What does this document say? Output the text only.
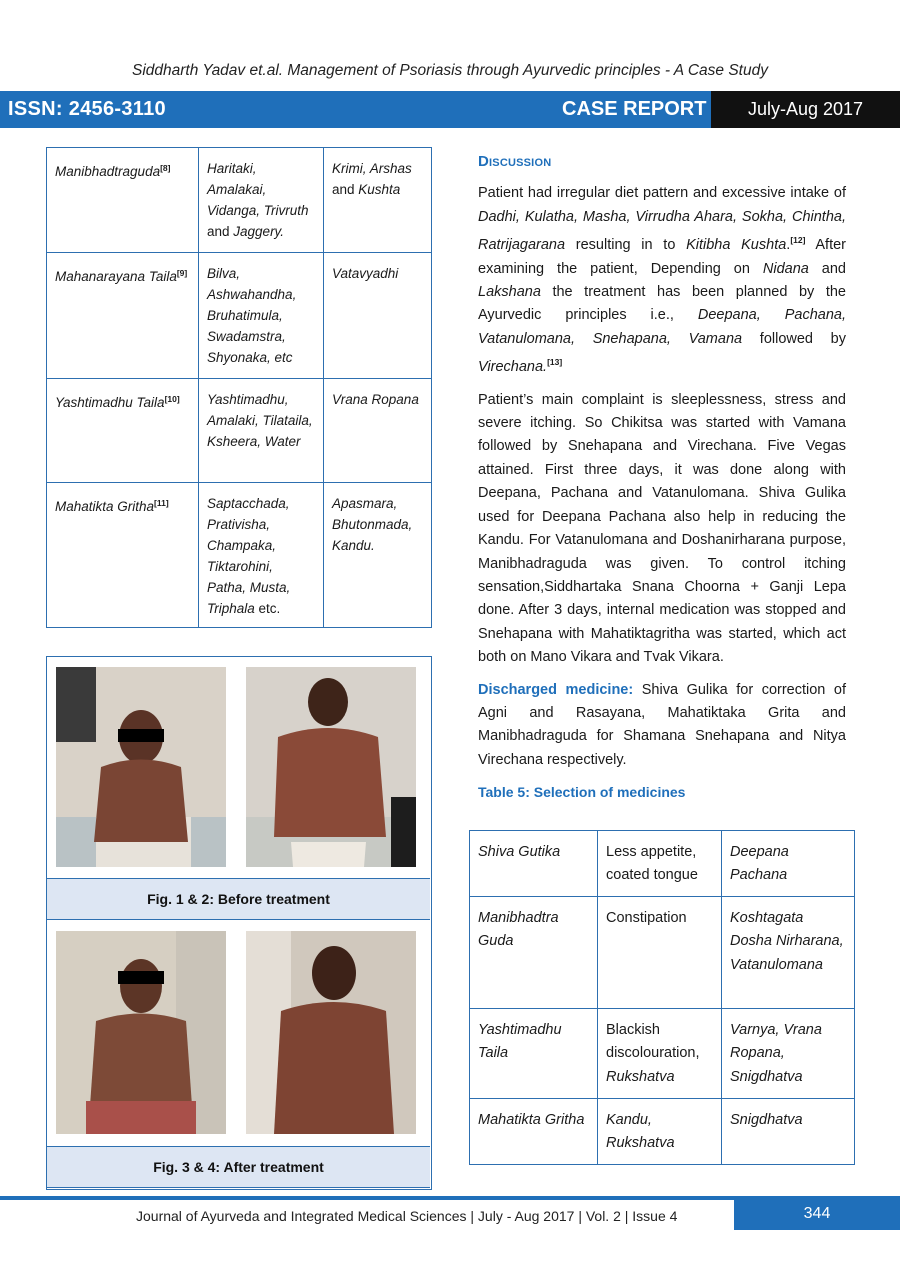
Siddharth Yadav et.al. Management of Psoriasis through Ayurvedic principles - A Case Study
ISSN: 2456-3110	CASE REPORT	July-Aug 2017
Manibhadtraguda[8]	Haritaki, Amalakai, Vidanga, Trivruth and Jaggery.	Krimi, Arshas and Kushta
Mahanarayana Taila[9]	Bilva, Ashwahandha, Bruhatimula, Swadamstra, Shyonaka, etc	Vatavyadhi
Yashtimadhu Taila[10]	Yashtimadhu, Amalaki, Tilataila, Ksheera, Water	Vrana Ropana
Mahatikta Gritha[11]	Saptacchada, Prativisha, Champaka, Tiktarohini, Patha, Musta, Triphala etc.	Apasmara, Bhutonmada, Kandu.
Fig. 1 & 2: Before treatment
Fig. 3 & 4: After treatment
Discussion

Patient had irregular diet pattern and excessive intake of Dadhi, Kulatha, Masha, Virrudha Ahara, Sokha, Chintha, Ratrijagarana resulting in to Kitibha Kushta.[12] After examining the patient, Depending on Nidana and Lakshana the treatment has been planned by the Ayurvedic principles i.e., Deepana, Pachana, Vatanulomana, Snehapana, Vamana followed by Virechana.[13]

Patient’s main complaint is sleeplessness, stress and severe itching. So Chikitsa was started with Vamana followed by Snehapana and Virechana. Five Vegas attained. First three days, it was done along with Deepana, Pachana and Vatanulomana. Shiva Gulika used for Deepana Pachana also help in reducing the Kandu. For Vatanulomana and Doshanirharana purpose, Manibhadraguda was given. To control itching sensation,Siddhartaka Snana Choorna + Ganji Lepa done. After 3 days, internal medication was stopped and Snehapana with Mahatiktagritha was started, which act both on Mano Vikara and Tvak Vikara.

Discharged medicine: Shiva Gulika for correction of Agni and Rasayana, Mahatiktaka Grita and Manibhadraguda for Shamana Snehapana and Nitya Virechana respectively.

Table 5: Selection of medicines
Shiva Gutika	Less appetite, coated tongue	Deepana Pachana
Manibhadtra Guda	Constipation	Koshtagata Dosha Nirharana, Vatanulomana
Yashtimadhu Taila	Blackish discolouration, Rukshatva	Varnya, Vrana Ropana, Snigdhatva
Mahatikta Gritha	Kandu, Rukshatva	Snigdhatva
Journal of Ayurveda and Integrated Medical Sciences | July - Aug 2017 | Vol. 2 | Issue 4	344
